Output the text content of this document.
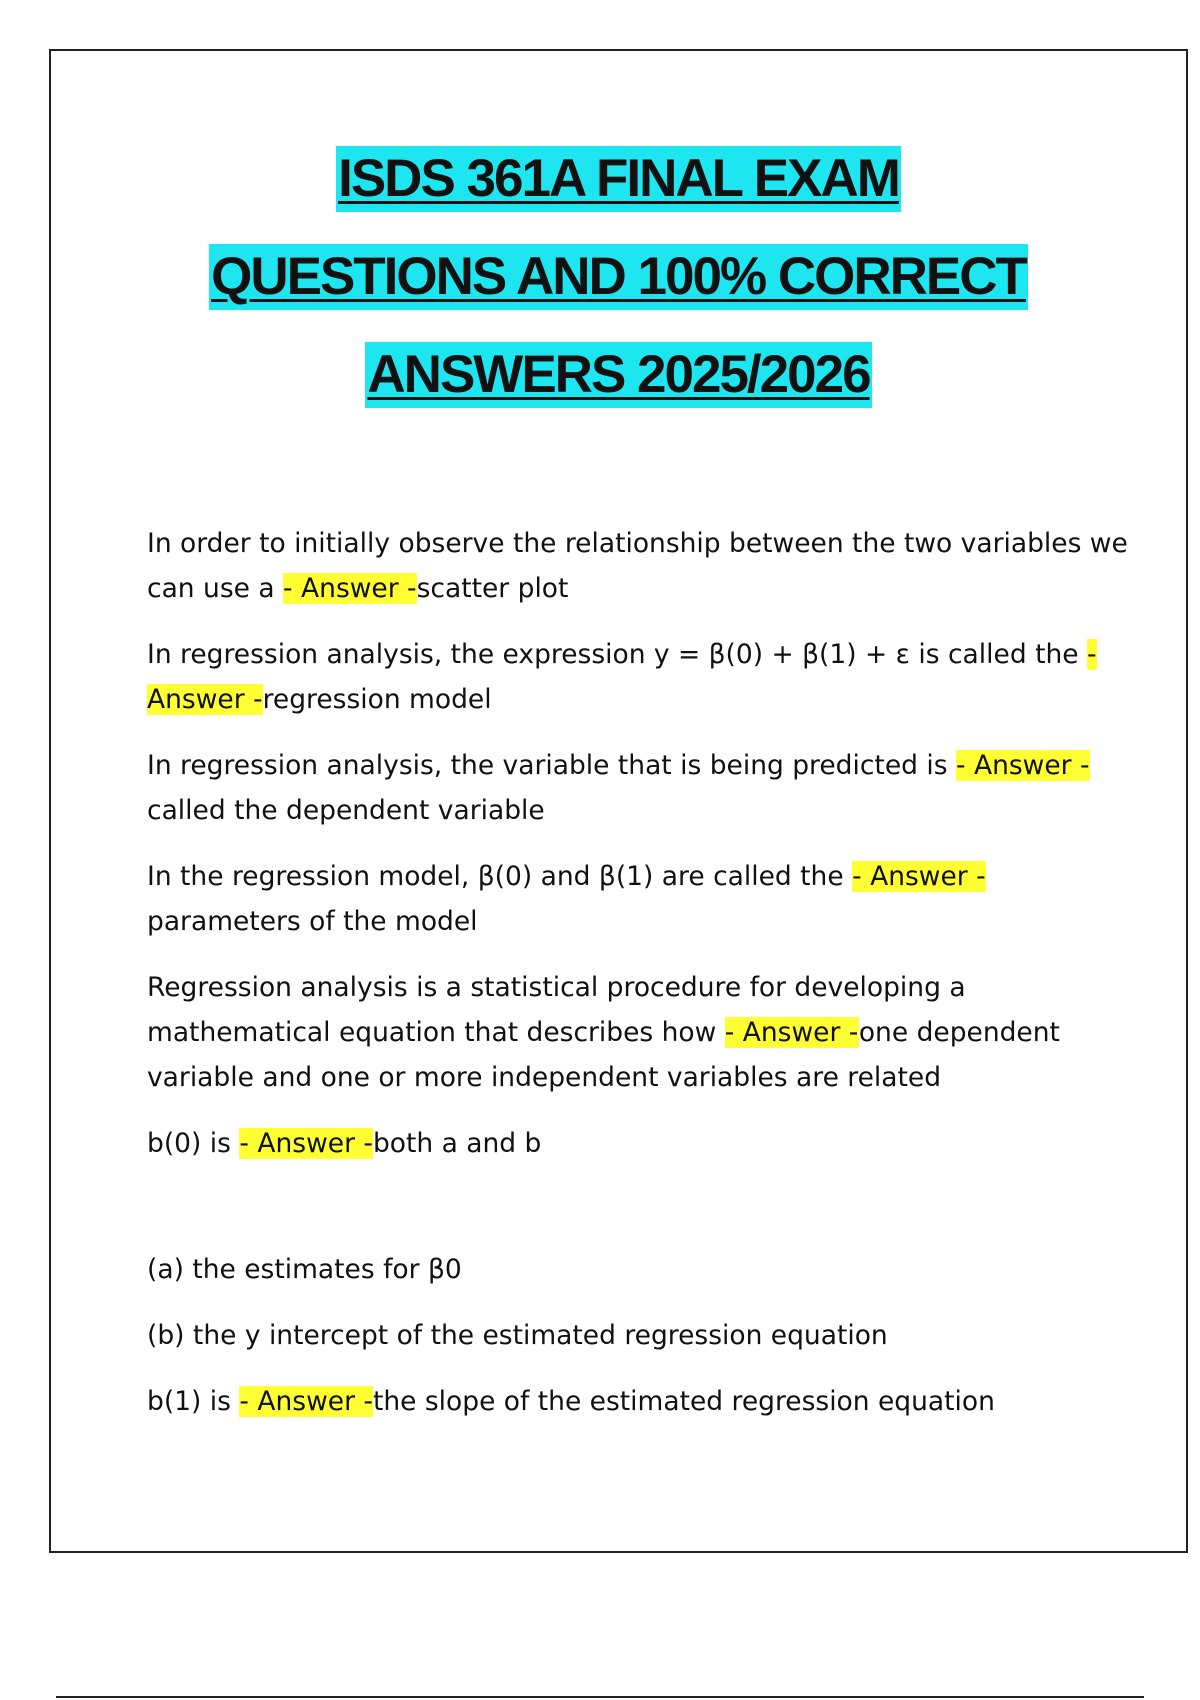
ISDS 361A FINAL EXAM
QUESTIONS AND 100% CORRECT
ANSWERS 2025/2026

In order to initially observe the relationship between the two variables we can use a - Answer -scatter plot

In regression analysis, the expression y = β(0) + β(1) + ε is called the - Answer -regression model

In regression analysis, the variable that is being predicted is - Answer - called the dependent variable

In the regression model, β(0) and β(1) are called the - Answer - parameters of the model

Regression analysis is a statistical procedure for developing a mathematical equation that describes how - Answer -one dependent variable and one or more independent variables are related

b(0) is - Answer -both a and b

(a) the estimates for β0

(b) the y intercept of the estimated regression equation

b(1) is - Answer -the slope of the estimated regression equation
